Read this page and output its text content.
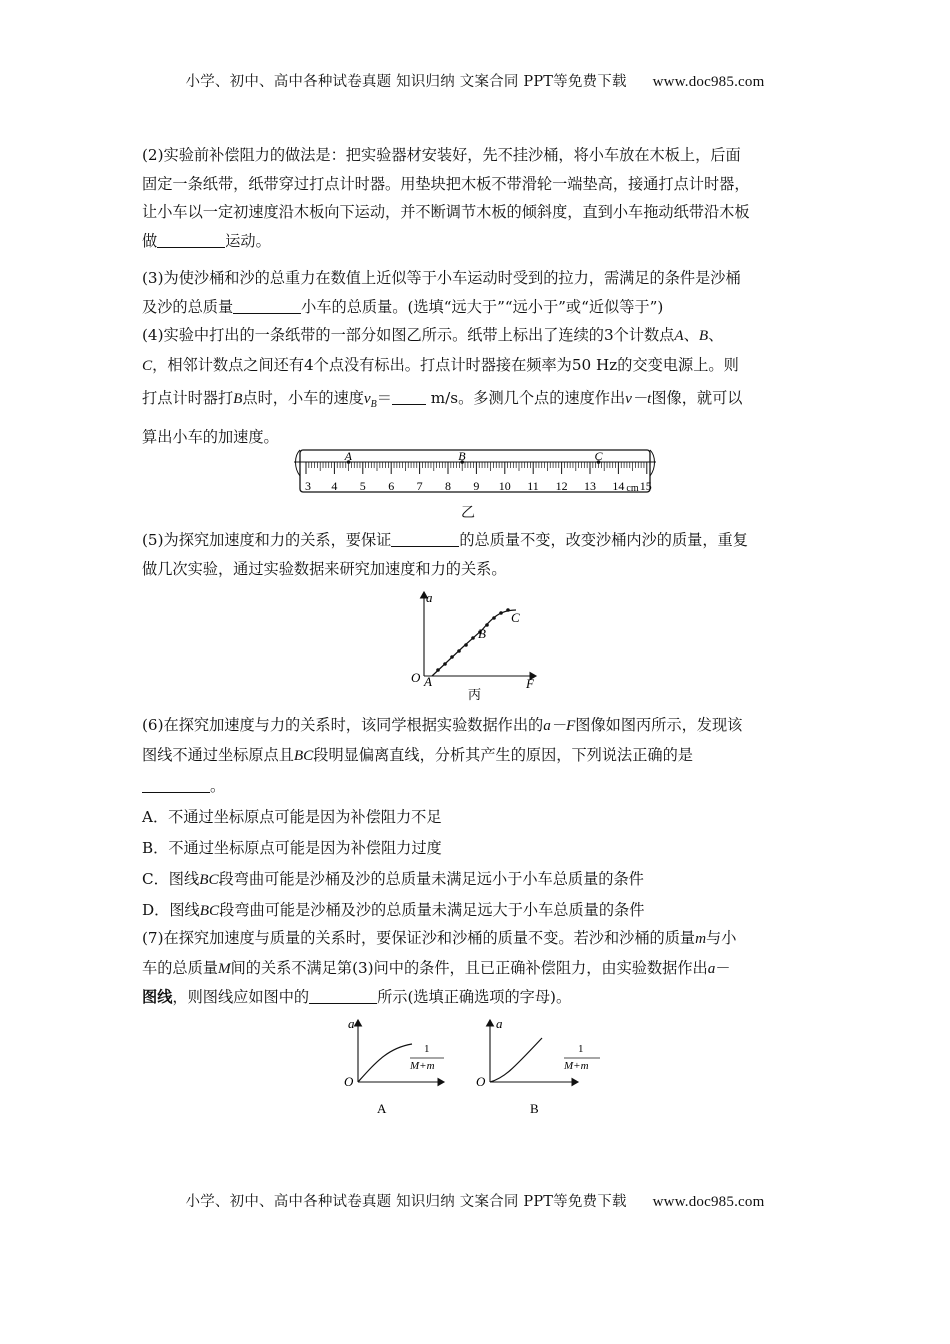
小学、初中、高中各种试卷真题 知识归纳 文案合同 PPT等免费下载 www.doc985.com

(2)实验前补偿阻力的做法是：把实验器材安装好，先不挂沙桶，将小车放在木板上，后面

固定一条纸带，纸带穿过打点计时器。用垫块把木板不带滑轮一端垫高，接通打点计时器，

让小车以一定初速度沿木板向下运动，并不断调节木板的倾斜度，直到小车拖动纸带沿木板

做	运动。

(3)为使沙桶和沙的总重力在数值上近似等于小车运动时受到的拉力，需满足的条件是沙桶

及沙的总质量	小车的总质量。(选填“远大于”“远小于”或“近似等于”)

(4)实验中打出的一条纸带的一部分如图乙所示。纸带上标出了连续的3个计数点A、B、

C，相邻计数点之间还有4个点没有标出。打点计时器接在频率为50 Hz的交变电源上。则

打点计时器打B点时，小车的速度$v_B= m/s$。多测几个点的速度作出v－t图像，就可以

算出小车的加速度。

3 4 5 6 7 8 9 10 11 12 13 14 15
cm
A	B	C
乙

(5)为探究加速度和力的关系，要保证	的总质量不变，改变沙桶内沙的质量，重复

做几次实验，通过实验数据来研究加速度和力的关系。

a
F
O A
B
C
丙

(6)在探究加速度与力的关系时，该同学根据实验数据作出的a－F图像如图丙所示，发现该

图线不通过坐标原点且BC段明显偏离直线，分析其产生的原因，下列说法正确的是

。

A．不通过坐标原点可能是因为补偿阻力不足

B．不通过坐标原点可能是因为补偿阻力过度

C．图线BC段弯曲可能是沙桶及沙的总质量未满足远小于小车总质量的条件

D．图线BC段弯曲可能是沙桶及沙的总质量未满足远大于小车总质量的条件

(7)在探究加速度与质量的关系时，要保证沙和沙桶的质量不变。若沙和沙桶的质量m与小

车的总质量M间的关系不满足第(3)问中的条件，且已正确补偿阻力，由实验数据作出a－

图线，则图线应如图中的	所示(选填正确选项的字母)。

a
O
1
M+m
A
a
O
1
M+m
B
小学、初中、高中各种试卷真题 知识归纳 文案合同 PPT等免费下载 www.doc985.com
